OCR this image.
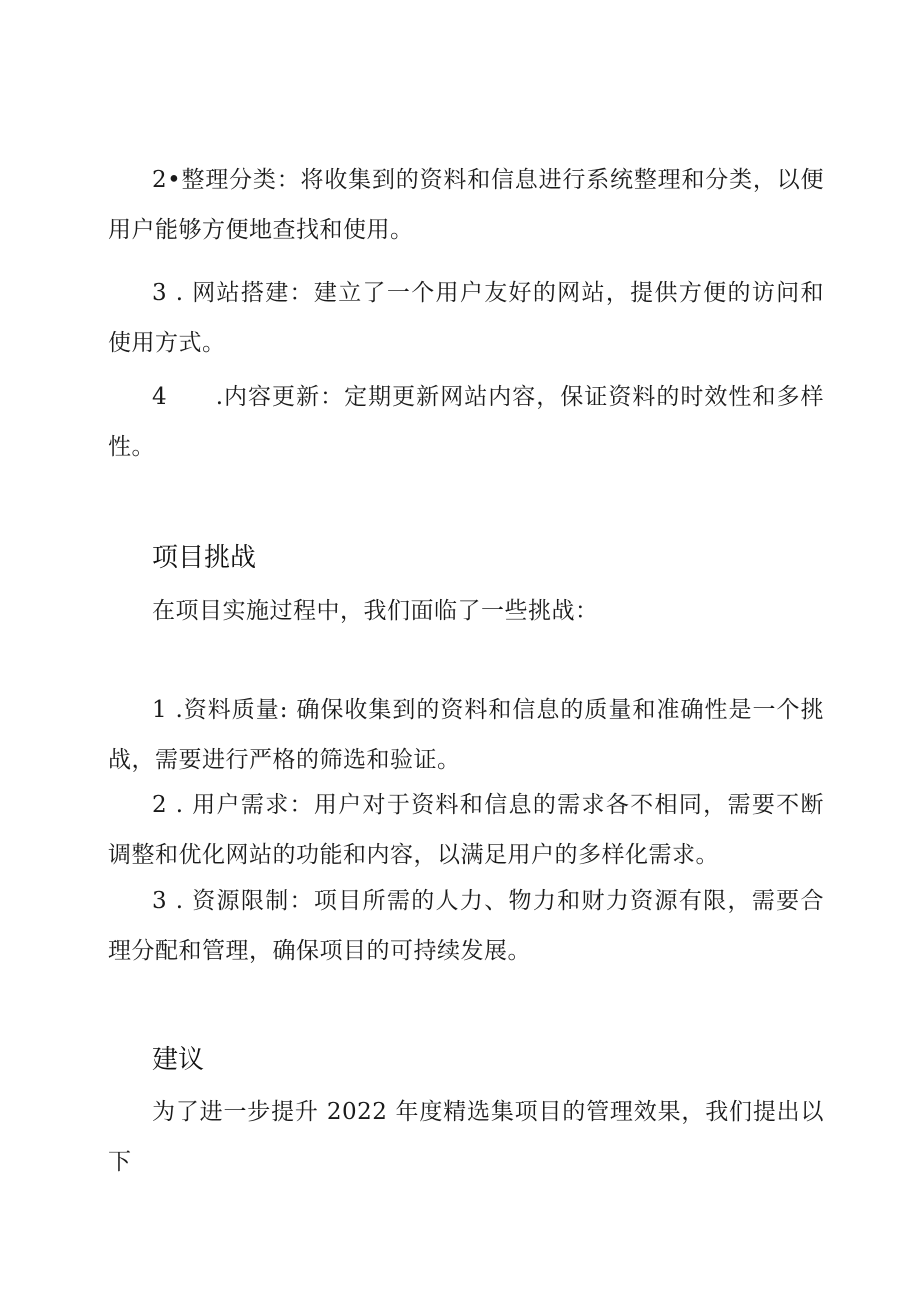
2•整理分类：将收集到的资料和信息进行系统整理和分类，以便用户能够方便地查找和使用。

3 . 网站搭建：建立了一个用户友好的网站，提供方便的访问和使用方式。

4　　.内容更新：定期更新网站内容，保证资料的时效性和多样性。

项目挑战

在项目实施过程中，我们面临了一些挑战：

1 .资料质量: 确保收集到的资料和信息的质量和准确性是一个挑战，需要进行严格的筛选和验证。

2 . 用户需求：用户对于资料和信息的需求各不相同，需要不断调整和优化网站的功能和内容，以满足用户的多样化需求。

3 . 资源限制：项目所需的人力、物力和财力资源有限，需要合理分配和管理，确保项目的可持续发展。

建议

为了进一步提升 2022 年度精选集项目的管理效果，我们提出以下
